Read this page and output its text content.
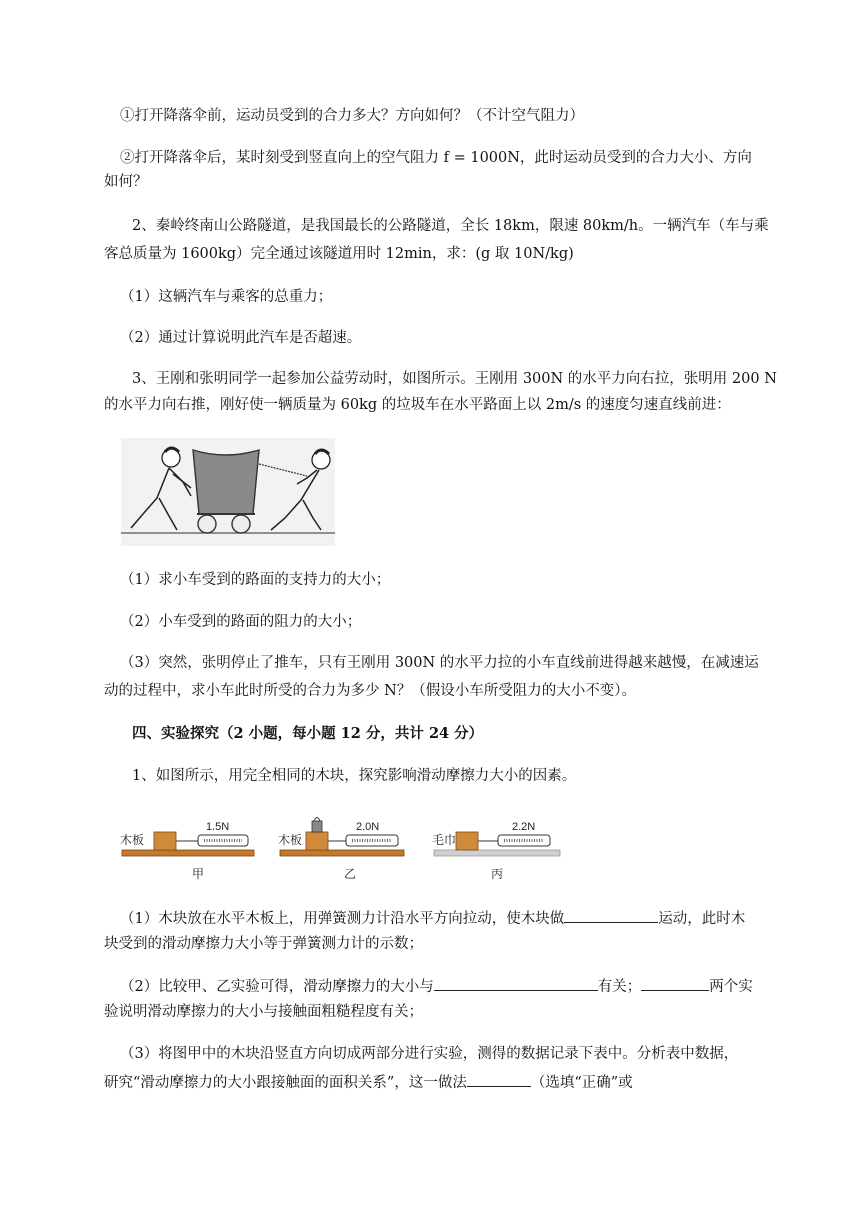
①打开降落伞前，运动员受到的合力多大？方向如何？（不计空气阻力）
②打开降落伞后，某时刻受到竖直向上的空气阻力 f = 1000N，此时运动员受到的合力大小、方向
如何？
2、秦岭终南山公路隧道，是我国最长的公路隧道，全长 18km，限速 80km/h。一辆汽车（车与乘
客总质量为 1600kg）完全通过该隧道用时 12min，求：(g 取 10N/kg)
（1）这辆汽车与乘客的总重力；
（2）通过计算说明此汽车是否超速。
3、王刚和张明同学一起参加公益劳动时，如图所示。王刚用 300N 的水平力向右拉，张明用 200 N
的水平力向右推，刚好使一辆质量为 60kg 的垃圾车在水平路面上以 2m/s 的速度匀速直线前进：
（1）求小车受到的路面的支持力的大小；
（2）小车受到的路面的阻力的大小；
（3）突然，张明停止了推车，只有王刚用 300N 的水平力拉的小车直线前进得越来越慢，在减速运
动的过程中，求小车此时所受的合力为多少 N？（假设小车所受阻力的大小不变）。
四、实验探究（2 小题，每小题 12 分，共计 24 分）
1、如图所示，用完全相同的木块，探究影响滑动摩擦力大小的因素。
木板
1.5N
甲
木板
2.0N
乙
毛巾
2.2N
丙
（1）木块放在水平木板上，用弹簧测力计沿水平方向拉动，使木块做	运动，此时木
块受到的滑动摩擦力大小等于弹簧测力计的示数；
（2）比较甲、乙实验可得，滑动摩擦力的大小与	有关；	两个实
验说明滑动摩擦力的大小与接触面粗糙程度有关；
（3）将图甲中的木块沿竖直方向切成两部分进行实验，测得的数据记录下表中。分析表中数据，
研究“滑动摩擦力的大小跟接触面的面积关系”，这一做法	（选填“正确”或
